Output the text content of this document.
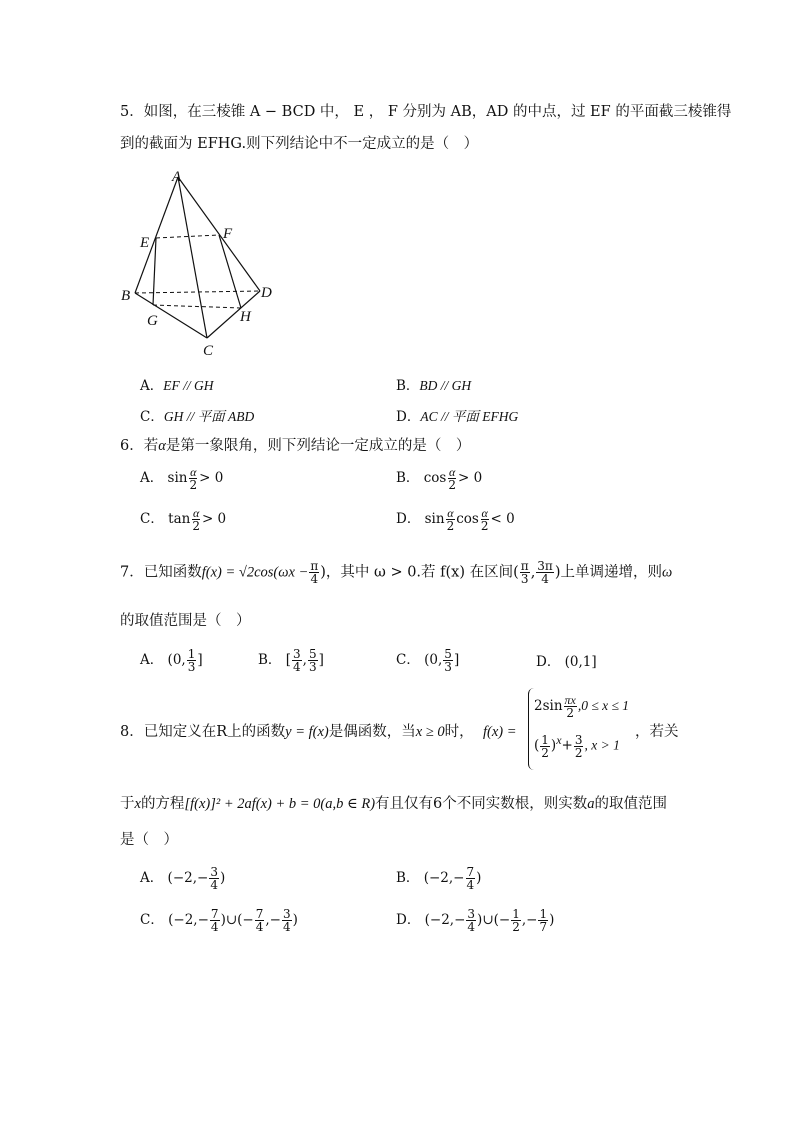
5．如图，在三棱锥 A − BCD 中， E ， F 分别为 AB，AD 的中点，过 EF 的平面截三棱锥得
到的截面为 EFHG.则下列结论中不一定成立的是（　）
A
B
C
D
E
F
G	H
A．EF // GH	B．BD // GH
C．GH // 平面 ABD	D．AC // 平面 EFHG
6．若α是第一象限角，则下列结论一定成立的是（　）
A． $\sin \frac{\alpha}{2} > 0$	B． $\cos \frac{\alpha}{2} > 0$
C． $\tan \frac{\alpha}{2} > 0$	D． $\sin \frac{\alpha}{2}$ $\cos \frac{\alpha}{2} < 0$
7．已知函数$f(x) = √2\cos(\omega x - \frac{\pi}{4}$ )，其中 ω > 0.若 f(x) 在区间( $\frac{\pi}{3}$ , $\frac{3\pi}{4}$ )上单调递增，则ω
的取值范围是（　）
A． (0, $\frac{1}{3}$ ]	B． [ $\frac{3}{4}$ , $\frac{5}{3}$ ]	C． (0, $\frac{5}{3}$ ]	D． (0,1]
8．已知定义在R上的函数y = f(x)是偶函数，当x ≥ 0时， f(x) =
$2\sin \frac{\pi x}{2} ,0 \le x \le 1$
( $\frac{1}{2} )^x+ \frac{3}{2}$ , x > 1
，若关
于x的方程[f(x)]² + 2af(x) + b = 0(a,b ∈ R)有且仅有6个不同实数根，则实数a的取值范围
是（　）
A． ($-2,- \frac{3}{4}$ )	B． ($-2,- \frac{7}{4}$ )
C． ($-2,- \frac{7}{4}$ )∪(− $\frac{7}{4}$ ,− $\frac{3}{4}$ )	D． ($-2,- \frac{3}{4}$ )∪(− $\frac{1}{2}$ ,− $\frac{1}{7}$ )
